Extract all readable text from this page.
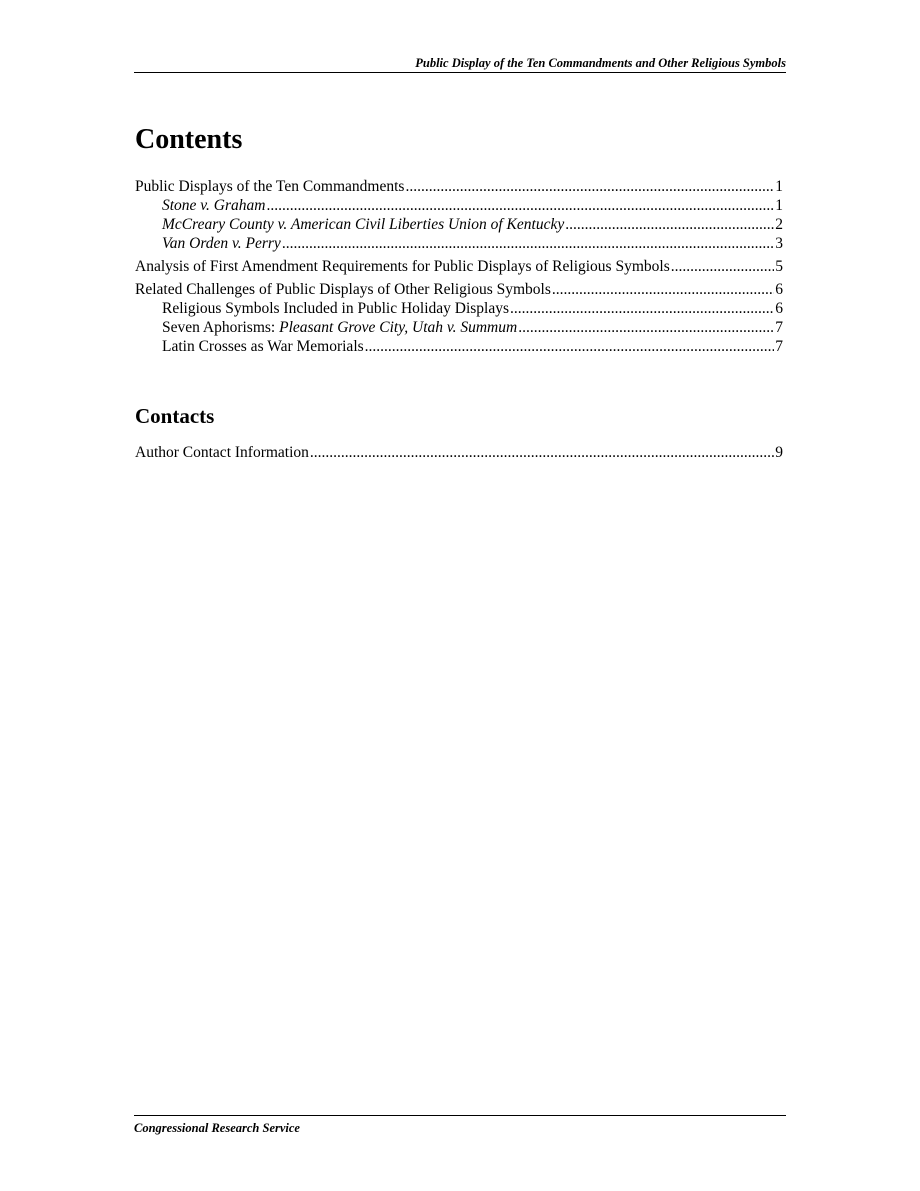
Public Display of the Ten Commandments and Other Religious Symbols
Contents
Public Displays of the Ten Commandments .....	1
Stone v. Graham .....	1
McCreary County v. American Civil Liberties Union of Kentucky .....	2
Van Orden v. Perry .....	3
Analysis of First Amendment Requirements for Public Displays of Religious Symbols .....	5
Related Challenges of Public Displays of Other Religious Symbols .....	6
Religious Symbols Included in Public Holiday Displays .....	6
Seven Aphorisms: Pleasant Grove City, Utah v. Summum .....	7
Latin Crosses as War Memorials .....	7
Contacts
Author Contact Information .....	9
Congressional Research Service
